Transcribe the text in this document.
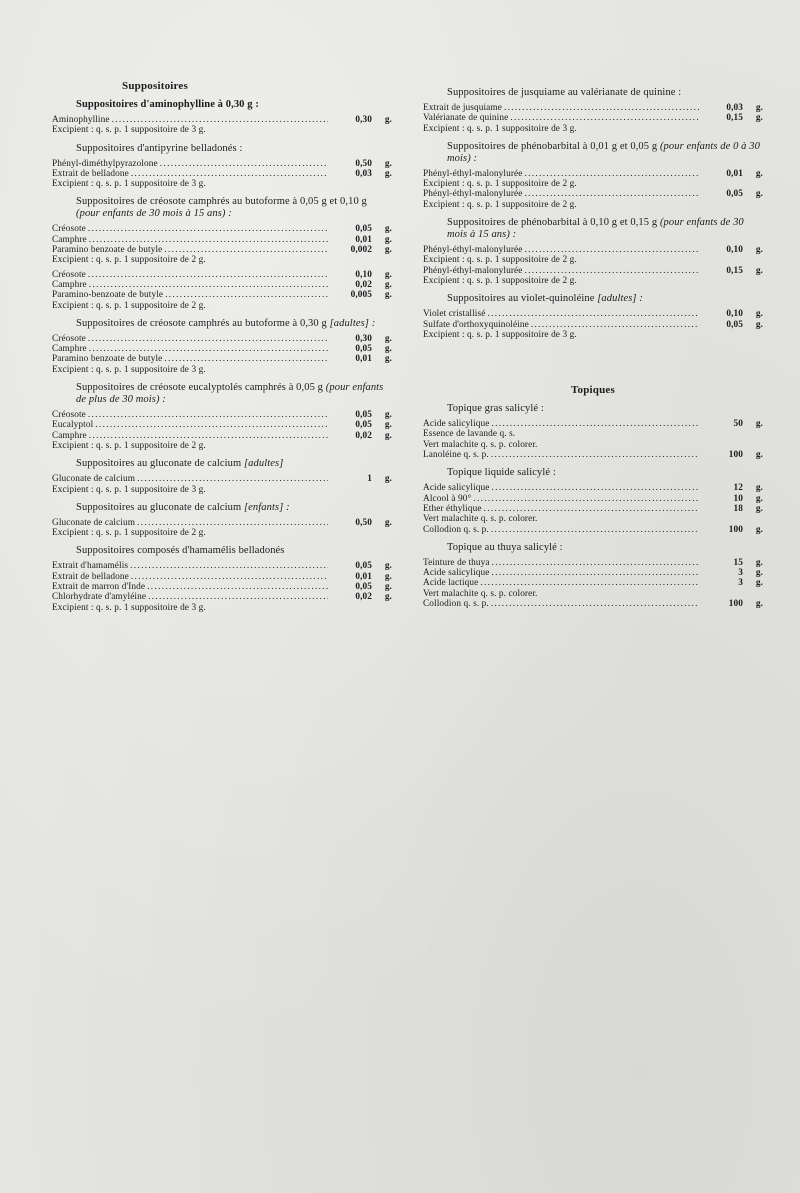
Suppositoires
Suppositoires d'aminophylline à 0,30 g :
Aminophylline . . .	0,30	g.
Excipient : q. s. p. 1 suppositoire de 3 g.
Suppositoires d'antipyrine belladonés :
Phényl-diméthylpyrazolone . . .	0,50	g.
Extrait de belladone . . .	0,03	g.
Excipient : q. s. p. 1 suppositoire de 3 g.
Suppositoires de créosote camphrés au butoforme à 0,05 g et 0,10 g (pour enfants de 30 mois à 15 ans) :
Créosote . . .	0,05	g.
Camphre . . .	0,01	g.
Paramino benzoate de butyle . . .	0,002	g.
Excipient : q. s. p. 1 suppositoire de 2 g.
Créosote . . .	0,10	g.
Camphre . . .	0,02	g.
Paramino-benzoate de butyle . . .	0,005	g.
Excipient : q. s. p. 1 suppositoire de 2 g.
Suppositoires de créosote camphrés au butoforme à 0,30 g [adultes] :
Créosote . . .	0,30	g.
Camphre . . .	0,05	g.
Paramino benzoate de butyle . . .	0,01	g.
Excipient : q. s. p. 1 suppositoire de 3 g.
Suppositoires de créosote eucalyptolés camphrés à 0,05 g (pour enfants de plus de 30 mois) :
Créosote . . .	0,05	g.
Eucalyptol . . .	0,05	g.
Camphre . . .	0,02	g.
Excipient : q. s. p. 1 suppositoire de 2 g.
Suppositoires au gluconate de calcium [adultes]
Gluconate de calcium . . .	1	g.
Excipient : q. s. p. 1 suppositoire de 3 g.
Suppositoires au gluconate de calcium [enfants] :
Gluconate de calcium . . .	0,50	g.
Excipient : q. s. p. 1 suppositoire de 2 g.
Suppositoires composés d'hamamélis belladonés
Extrait d'hamamélis . . .	0,05	g.
Extrait de belladone . . .	0,01	g.
Extrait de marron d'Inde . . .	0,05	g.
Chlorhydrate d'amyléine . . .	0,02	g.
Excipient : q. s. p. 1 suppositoire de 3 g.
Suppositoires de jusquiame au valérianate de quinine :
Extrait de jusquiame . . .	0,03	g.
Valérianate de quinine . . .	0,15	g.
Excipient : q. s. p. 1 suppositoire de 3 g.
Suppositoires de phénobarbital à 0,01 g et 0,05 g (pour enfants de 0 à 30 mois) :
Phényl-éthyl-malonylurée . . .	0,01	g.
Excipient : q. s. p. 1 suppositoire de 2 g.
Phényl-éthyl-malonylurée . . .	0,05	g.
Excipient : q. s. p. 1 suppositoire de 2 g.
Suppositoires de phénobarbital à 0,10 g et 0,15 g (pour enfants de 30 mois à 15 ans) :
Phényl-éthyl-malonylurée . . .	0,10	g.
Excipient : q. s. p. 1 suppositoire de 2 g.
Phényl-éthyl-malonylurée . . .	0,15	g.
Excipient : q. s. p. 1 suppositoire de 2 g.
Suppositoires au violet-quinoléine [adultes] :
Violet cristallisé . . .	0,10	g.
Sulfate d'orthoxyquinoléine . . .	0,05	g.
Excipient : q. s. p. 1 suppositoire de 3 g.
Topiques
Topique gras salicylé :
Acide salicylique . . .	50	g.
Essence de lavande q. s.
Vert malachite q. s. p. colorer.
Lanoléine q. s. p. . . .	100	g.
Topique liquide salicylé :
Acide salicylique . . .	12	g.
Alcool à 90° . . .	10	g.
Ether éthylique . . .	18	g.
Vert malachite q. s. p. colorer.
Collodion q. s. p. . . .	100	g.
Topique au thuya salicylé :
Teinture de thuya . . .	15	g.
Acide salicylique . . .	3	g.
Acide lactique . . .	3	g.
Vert malachite q. s. p. colorer.
Collodion q. s. p. . . .	100	g.
